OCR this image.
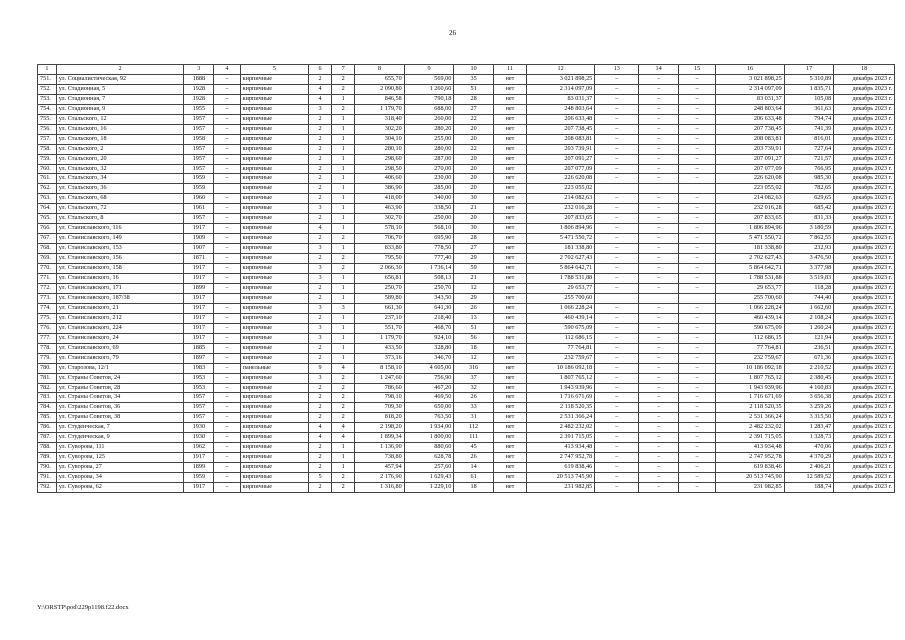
26
1	2	3	4	5	6	7	8	9	10	11	12	13	14	15	16	17	18
751.	ул. Социалистическая, 92	1888	–	кирпичные	2	2	655,70	569,00	35	нет	3 021 898,25	–	–	–	3 021 898,25	5 310,89	декабрь 2023 г.
752.	ул. Стадионная, 5	1928	–	кирпичные	4	2	2 090,80	1 260,60	51	нет	2 314 097,09	–	–	–	2 314 097,09	1 835,71	декабрь 2023 г.
753.	ул. Стадионная, 7	1928	–	кирпичные	4	1	846,58	790,18	28	нет	83 031,37	–	–	–	83 031,37	105,08	декабрь 2023 г.
754.	ул. Стадионная, 9	1955	–	кирпичные	3	2	1 179,70	688,00	27	нет	248 803,64	–	–	–	248 803,64	361,63	декабрь 2023 г.
755.	ул. Стальского, 12	1957	–	кирпичные	2	1	318,40	260,00	22	нет	206 633,48	–	–	–	206 633,48	794,74	декабрь 2023 г.
756.	ул. Стальского, 16	1957	–	кирпичные	2	1	302,20	280,20	20	нет	207 738,45	–	–	–	207 738,45	741,39	декабрь 2023 г.
757.	ул. Стальского, 18	1958	–	кирпичные	2	1	304,10	255,00	20	нет	208 083,81	–	–	–	208 083,81	816,01	декабрь 2023 г.
758.	ул. Стальского, 2	1957	–	кирпичные	2	1	280,10	280,00	22	нет	203 739,91	–	–	–	203 739,91	727,64	декабрь 2023 г.
759.	ул. Стальского, 20	1957	–	кирпичные	2	1	298,60	287,00	20	нет	207 091,27	–	–	–	207 091,27	721,57	декабрь 2023 г.
760.	ул. Стальского, 32	1957	–	кирпичные	2	1	298,50	270,00	20	нет	207 077,09	–	–	–	207 077,09	766,95	декабрь 2023 г.
761.	ул. Стальского, 34	1959	–	кирпичные	2	1	406,60	230,00	20	нет	226 620,08	–	–	–	226 620,08	985,30	декабрь 2023 г.
762.	ул. Стальского, 36	1959		кирпичные	2	1	386,90	285,00	20	нет	223 055,02				223 055,02	782,65	декабрь 2023 г.
763.	ул. Стальского, 68	1960	–	кирпичные	2	1	418,00	340,00	30	нет	214 082,63	–	–	–	214 082,63	629,65	декабрь 2023 г.
764.	ул. Стальского, 72	1961	–	кирпичные	3	1	463,90	338,50	21	нет	232 016,28	–	–	–	232 016,28	685,42	декабрь 2023 г.
765.	ул. Стальского, 8	1957	–	кирпичные	2	1	302,70	250,00	20	нет	207 833,65	–	–	–	207 833,65	831,33	декабрь 2023 г.
766.	ул. Станиславского, 116	1917	–	кирпичные	4	1	578,10	568,10	30	нет	1 806 894,96	–	–	–	1 806 894,96	3 180,59	декабрь 2023 г.
767.	ул. Станиславского, 149	1909	–	кирпичные	2	2	706,70	695,90	28	нет	5 471 550,72	–	–	–	5 471 550,72	7 862,55	декабрь 2023 г.
768.	ул. Станиславского, 153	1907	–	кирпичные	3	1	833,80	778,50	27	нет	181 338,80	–	–	–	181 338,80	232,93	декабрь 2023 г.
769.	ул. Станиславского, 156	1871	–	кирпичные	2	2	795,50	777,40	29	нет	2 702 627,43	–	–	–	2 702 627,43	3 476,50	декабрь 2023 г.
770.	ул. Станиславского, 158	1917	–	кирпичные	3	2	2 066,30	1 736,14	59	нет	5 864 642,71	–	–	–	5 864 642,71	3 377,98	декабрь 2023 г.
771.	ул. Станиславского, 16	1917	–	кирпичные	3	1	656,81	508,13	21	нет	1 788 531,88	–	–	–	1 788 531,88	3 519,83	декабрь 2023 г.
772.	ул. Станиславского, 171	1899	–	кирпичные	2	1	250,70	250,70	12	нет	29 653,77	–	–	–	29 653,77	118,28	декабрь 2023 г.
773.	ул. Станиславского, 187/38	1917		кирпичные	2	1	589,80	343,50	29	нет	255 700,60				255 700,60	744,40	декабрь 2023 г.
774.	ул. Станиславского, 21	1917	–	кирпичные	3	3	661,30	641,30	26	нет	1 066 228,24	–	–	–	1 066 228,24	1 662,60	декабрь 2023 г.
775.	ул. Станиславского, 212	1917	–	кирпичные	2	1	237,10	218,40	13	нет	460 439,14	–	–	–	460 439,14	2 108,24	декабрь 2023 г.
776.	ул. Станиславского, 224	1917	–	кирпичные	3	1	551,70	468,70	51	нет	590 675,09	–	–	–	590 675,09	1 260,24	декабрь 2023 г.
777.	ул. Станиславского, 24	1917	–	кирпичные	3	1	1 179,70	924,10	56	нет	112 686,15	–	–	–	112 686,15	121,94	декабрь 2023 г.
778.	ул. Станиславского, 69	1885	–	кирпичные	2	1	433,50	328,80	18	нет	77 764,81	–	–	–	77 764,81	236,51	декабрь 2023 г.
779.	ул. Станиславского, 79	1897	–	кирпичные	2	1	373,16	346,70	12	нет	232 759,67	–	–	–	232 759,67	671,36	декабрь 2023 г.
780.	ул. Старозова, 12/1	1983	–	панельные	9	4	8 158,10	4 605,00	316	нет	10 186 092,18	–	–	–	10 186 092,18	2 210,52	декабрь 2023 г.
781.	ул. Страны Советов, 24	1953	–	кирпичные	3	2	1 247,60	756,90	37	нет	1 807 765,12	–	–	–	1 807 765,12	2 380,45	декабрь 2023 г.
782.	ул. Страны Советов, 28	1953	–	кирпичные	2	2	786,60	467,20	32	нет	1 943 939,96	–	–	–	1 943 939,96	4 160,83	декабрь 2023 г.
783.	ул. Страны Советов, 34	1957	–	кирпичные	2	2	798,10	469,50	26	нет	1 716 671,69	–	–	–	1 716 671,69	3 656,38	декабрь 2023 г.
784.	ул. Страны Советов, 36	1957	–	кирпичные	2	2	709,30	650,00	33	нет	2 118 520,35	–	–	–	2 118 520,35	3 259,26	декабрь 2023 г.
785.	ул. Страны Советов, 38	1957	–	кирпичные	2	2	818,20	763,50	31	нет	2 531 366,24	–	–	–	2 531 366,24	3 315,50	декабрь 2023 г.
786.	ул. Студенческая, 7	1930	–	кирпичные	4	4	2 198,20	1 934,00	112	нет	2 482 232,02	–	–	–	2 482 232,02	1 283,47	декабрь 2023 г.
787.	ул. Студенческая, 9	1930	–	кирпичные	4	4	1 899,34	1 800,00	111	нет	2 391 715,05	–	–	–	2 391 715,05	1 328,73	декабрь 2023 г.
788.	ул. Суворова, 111	1962	–	кирпичные	2	1	1 136,90	880,60	45	нет	413 934,48	–	–	–	413 934,48	470,06	декабрь 2023 г.
789.	ул. Суворова, 125	1917	–	кирпичные	2	1	738,80	628,78	26	нет	2 747 952,78	–	–	–	2 747 952,78	4 370,29	декабрь 2023 г.
790.	ул. Суворова, 27	1899	–	кирпичные	2	1	457,94	257,60	14	нет	619 838,46	–	–	–	619 838,46	2 406,21	декабрь 2023 г.
791.	ул. Суворова, 34	1959	–	кирпичные	5	2	2 176,90	1 629,43	61	нет	20 513 745,90	–	–	–	20 513 745,90	12 589,52	декабрь 2023 г.
792.	ул. Суворова, 62	1917	–	кирпичные	2	2	1 316,80	1 229,10	18	нет	231 982,85	–	–	–	231 982,85	188,74	декабрь 2023 г.
Y:\ORSTP\pod\229p1198.f22.docx
